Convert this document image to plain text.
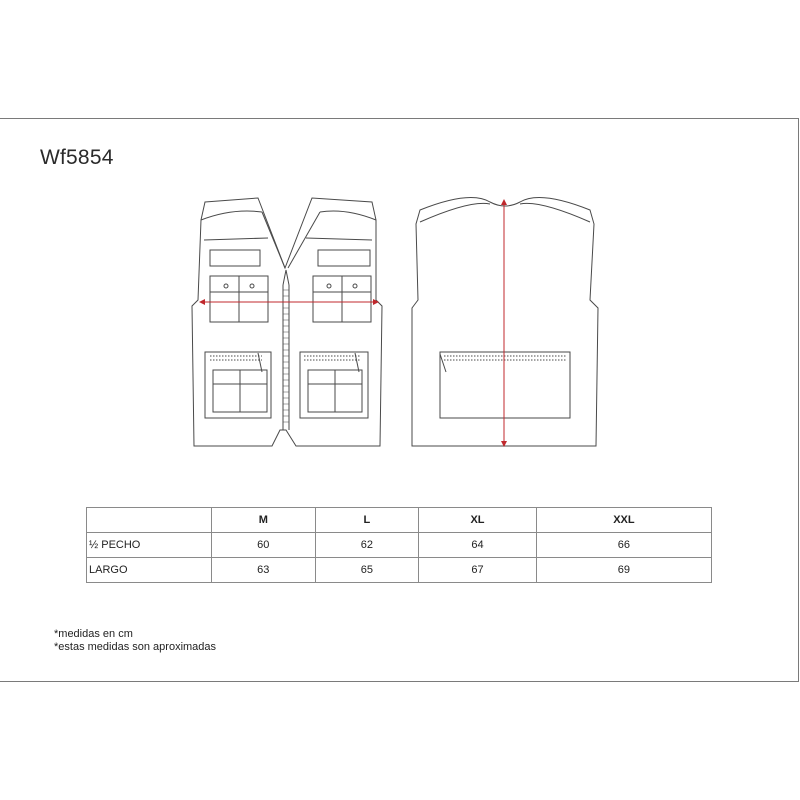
Wf5854
	M	L	XL	XXL
½ PECHO	60	62	64	66
LARGO	63	65	67	69
*medidas en cm
*estas medidas son aproximadas
